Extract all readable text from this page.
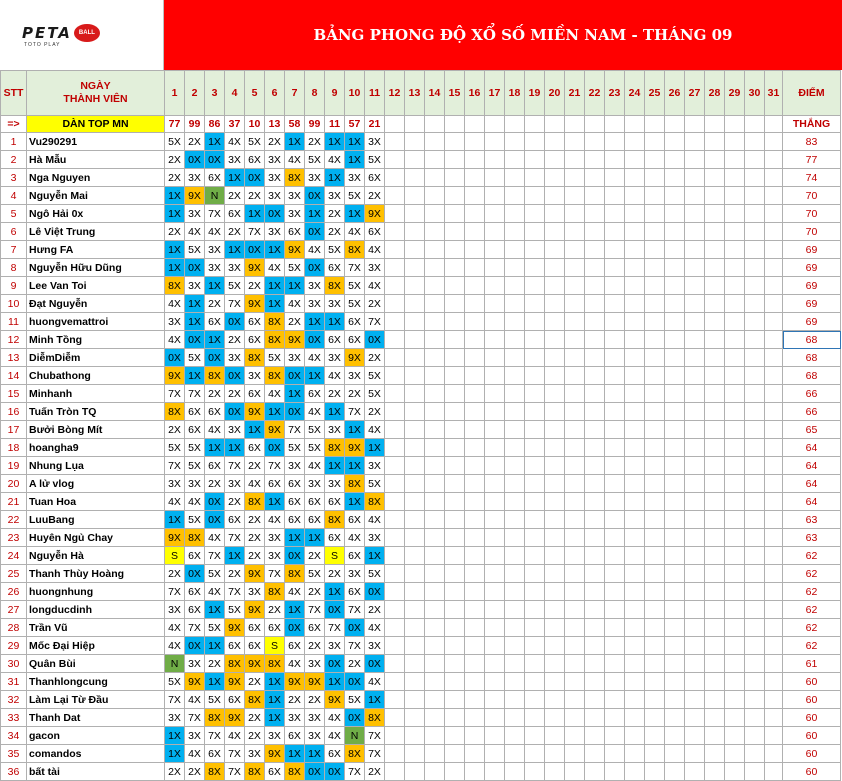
PETA	BALL
TOTO PLAY
BẢNG PHONG ĐỘ XỔ SỐ MIỀN NAM - THÁNG 09
STT	NGÀY
THÀNH VIÊN	1	2	3	4	5	6	7	8	9	10	11	12	13	14	15	16	17	18	19	20	21	22	23	24	25	26	27	28	29	30	31	ĐIỂM
=>	DÀN TOP MN	77	99	86	37	10	13	58	99	11	57	21																					THẮNG
1	Vu290291	5X	2X	1X	4X	5X	2X	1X	2X	1X	1X	3X																					83
2	Hà Mẫu	2X	0X	0X	3X	6X	3X	4X	5X	4X	1X	5X																					77
3	Nga Nguyen	2X	3X	6X	1X	0X	3X	8X	3X	1X	3X	6X																					74
4	Nguyễn Mai	1X	9X	N	2X	2X	3X	3X	0X	3X	5X	2X																					70
5	Ngô Hải 0x	1X	3X	7X	6X	1X	0X	3X	1X	2X	1X	9X																					70
6	Lê Việt Trung	2X	4X	4X	2X	7X	3X	6X	0X	2X	4X	6X																					70
7	Hưng FA	1X	5X	3X	1X	0X	1X	9X	4X	5X	8X	4X																					69
8	Nguyễn Hữu Dũng	1X	0X	3X	3X	9X	4X	5X	0X	6X	7X	3X																					69
9	Lee Van Toi	8X	3X	1X	5X	2X	1X	1X	3X	8X	5X	4X																					69
10	Đạt Nguyễn	4X	1X	2X	7X	9X	1X	4X	3X	3X	5X	2X																					69
11	huongvemattroi	3X	1X	6X	0X	6X	8X	2X	1X	1X	6X	7X																					69
12	Minh Tồng	4X	0X	1X	2X	6X	8X	9X	0X	6X	6X	0X																					68
13	DiễmDiễm	0X	5X	0X	3X	8X	5X	3X	4X	3X	9X	2X																					68
14	Chubathong	9X	1X	8X	0X	3X	8X	0X	1X	4X	3X	5X																					68
15	Minhanh	7X	7X	2X	2X	6X	4X	1X	6X	2X	2X	5X																					66
16	Tuấn Tròn TQ	8X	6X	6X	0X	9X	1X	0X	4X	1X	7X	2X																					66
17	Bưởi Bòng Mít	2X	6X	4X	3X	1X	9X	7X	5X	3X	1X	4X																					65
18	hoangha9	5X	5X	1X	1X	6X	0X	5X	5X	8X	9X	1X																					64
19	Nhung Lụa	7X	5X	6X	7X	2X	7X	3X	4X	1X	1X	3X																					64
20	A lử vlog	3X	3X	2X	3X	4X	6X	6X	3X	3X	8X	5X																					64
21	Tuan Hoa	4X	4X	0X	2X	8X	1X	6X	6X	6X	1X	8X																					64
22	LuuBang	1X	5X	0X	6X	2X	4X	6X	6X	8X	6X	4X																					63
23	Huyên Ngủ Chay	9X	8X	4X	7X	2X	3X	1X	1X	6X	4X	3X																					63
24	Nguyễn Hà	S	6X	7X	1X	2X	3X	0X	2X	S	6X	1X																					62
25	Thanh Thùy Hoàng	2X	0X	5X	2X	9X	7X	8X	5X	2X	3X	5X																					62
26	huongnhung	7X	6X	4X	7X	3X	8X	4X	2X	1X	6X	0X																					62
27	longducdinh	3X	6X	1X	5X	9X	2X	1X	7X	0X	7X	2X																					62
28	Trần Vũ	4X	7X	5X	9X	6X	6X	0X	6X	7X	0X	4X																					62
29	Mốc Đại Hiệp	4X	0X	1X	6X	6X	S	6X	2X	3X	7X	3X																					62
30	Quân Bùi	N	3X	2X	8X	9X	8X	4X	3X	0X	2X	0X																					61
31	Thanhlongcung	5X	9X	1X	9X	2X	1X	9X	9X	1X	0X	4X																					60
32	Làm Lại Từ Đầu	7X	4X	5X	6X	8X	1X	2X	2X	9X	5X	1X																					60
33	Thanh Dat	3X	7X	8X	9X	2X	1X	3X	3X	4X	0X	8X																					60
34	gacon	1X	3X	7X	4X	2X	3X	6X	3X	4X	N	7X																					60
35	comandos	1X	4X	6X	7X	3X	9X	1X	1X	6X	8X	7X																					60
36	bất tài	2X	2X	8X	7X	8X	6X	8X	0X	0X	7X	2X																					60
